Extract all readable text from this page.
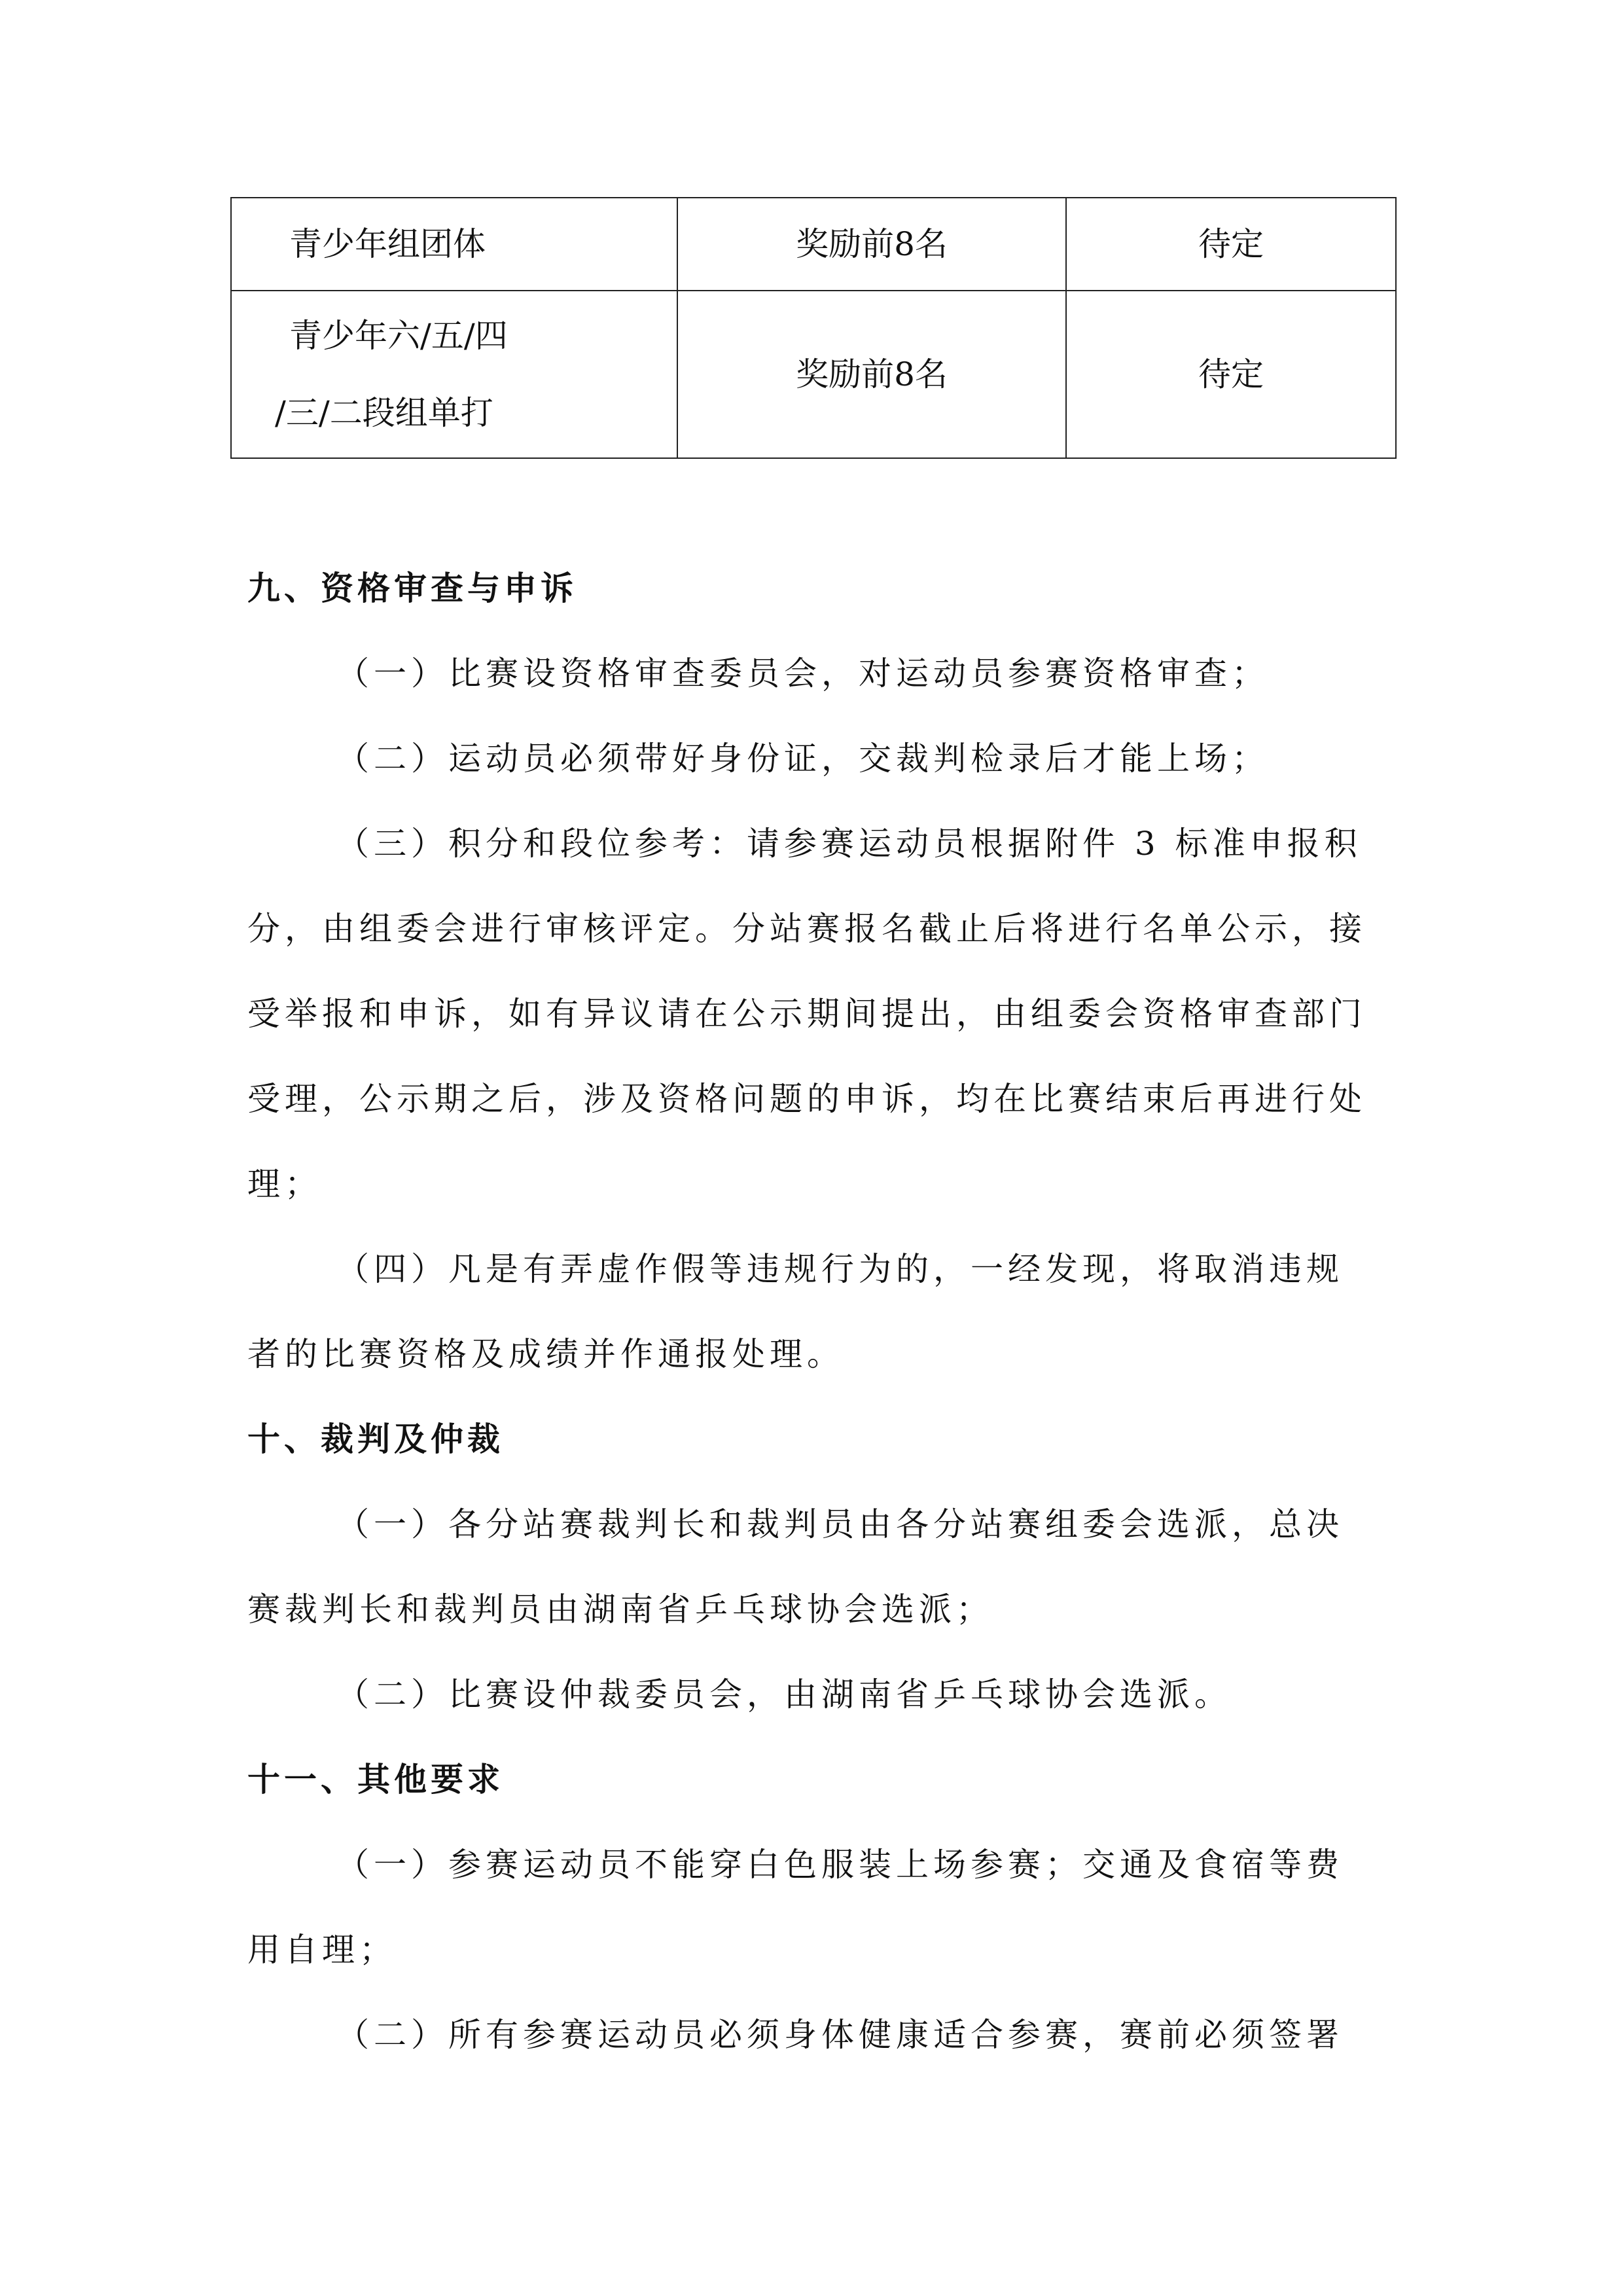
青少年组团体	奖励前8名	待定

青少年六/五/四
/三/二段组单打	奖励前8名	待定

九、资格审查与申诉

（一）比赛设资格审查委员会，对运动员参赛资格审查；

（二）运动员必须带好身份证，交裁判检录后才能上场；

（三）积分和段位参考：请参赛运动员根据附件 3 标准申报积分，由组委会进行审核评定。分站赛报名截止后将进行名单公示，接受举报和申诉，如有异议请在公示期间提出，由组委会资格审查部门受理，公示期之后，涉及资格问题的申诉，均在比赛结束后再进行处理；

（四）凡是有弄虚作假等违规行为的，一经发现，将取消违规者的比赛资格及成绩并作通报处理。

十、裁判及仲裁

（一）各分站赛裁判长和裁判员由各分站赛组委会选派，总决赛裁判长和裁判员由湖南省乒乓球协会选派；

（二）比赛设仲裁委员会，由湖南省乒乓球协会选派。

十一、其他要求

（一）参赛运动员不能穿白色服装上场参赛；交通及食宿等费用自理；

（二）所有参赛运动员必须身体健康适合参赛，赛前必须签署
